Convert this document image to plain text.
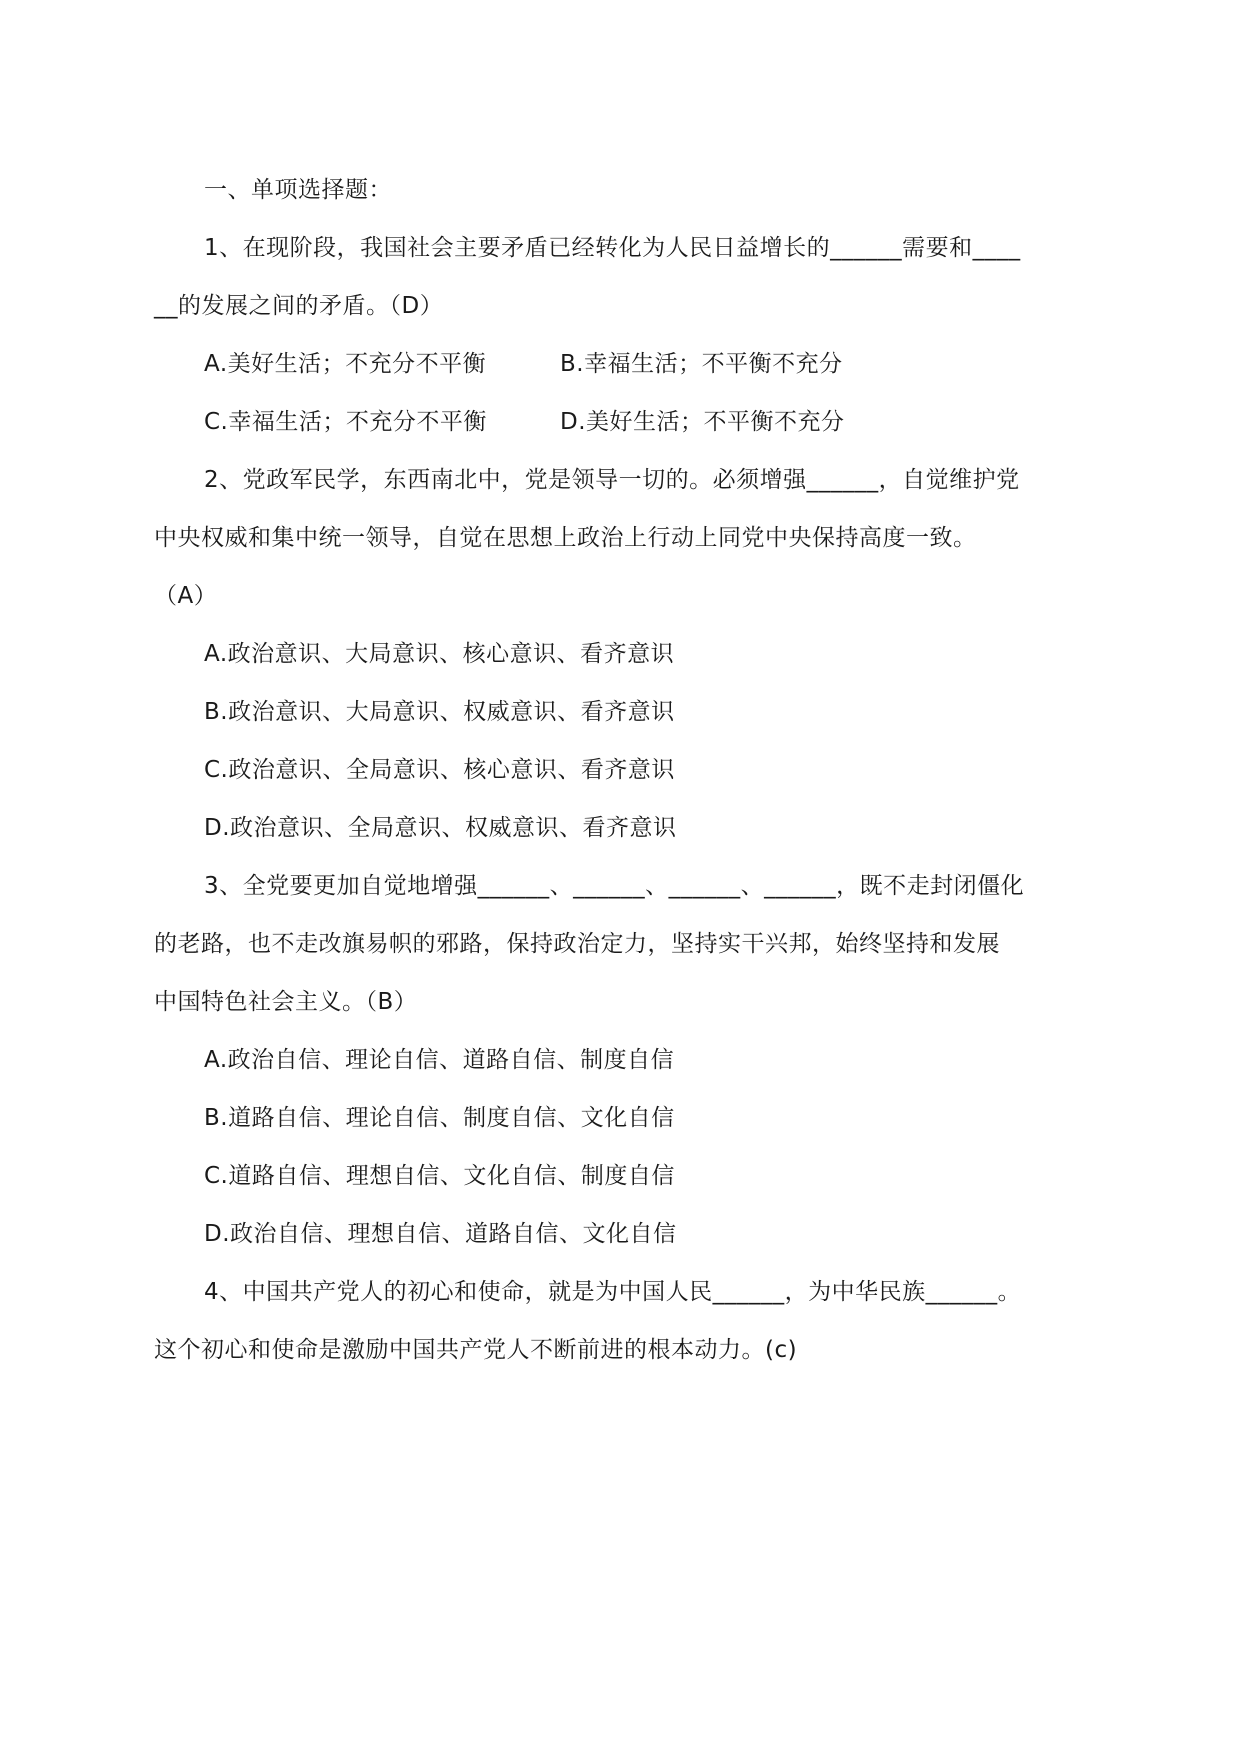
一、单项选择题：
1、在现阶段，我国社会主要矛盾已经转化为人民日益增长的______需要和____
__的发展之间的矛盾。（D）
A.美好生活；不充分不平衡	B.幸福生活；不平衡不充分
C.幸福生活；不充分不平衡	D.美好生活；不平衡不充分
2、党政军民学，东西南北中，党是领导一切的。必须增强______，自觉维护党
中央权威和集中统一领导，自觉在思想上政治上行动上同党中央保持高度一致。
（A）
A.政治意识、大局意识、核心意识、看齐意识
B.政治意识、大局意识、权威意识、看齐意识
C.政治意识、全局意识、核心意识、看齐意识
D.政治意识、全局意识、权威意识、看齐意识
3、全党要更加自觉地增强______、______、______、______，既不走封闭僵化
的老路，也不走改旗易帜的邪路，保持政治定力，坚持实干兴邦，始终坚持和发展
中国特色社会主义。（B）
A.政治自信、理论自信、道路自信、制度自信
B.道路自信、理论自信、制度自信、文化自信
C.道路自信、理想自信、文化自信、制度自信
D.政治自信、理想自信、道路自信、文化自信
4、中国共产党人的初心和使命，就是为中国人民______，为中华民族______。
这个初心和使命是激励中国共产党人不断前进的根本动力。(c)
